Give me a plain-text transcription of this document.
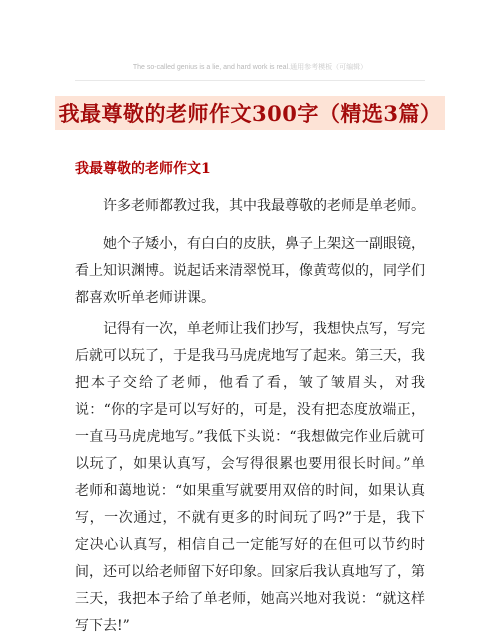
The so-called genius is a lie, and hard work is real.通用参考模板（可编辑）
我最尊敬的老师作文300字（精选3篇）
我最尊敬的老师作文1

许多老师都教过我，其中我最尊敬的老师是单老师。

她个子矮小，有白白的皮肤，鼻子上架这一副眼镜，看上知识渊博。说起话来清翠悦耳，像黄莺似的，同学们都喜欢听单老师讲课。

记得有一次，单老师让我们抄写，我想快点写，写完后就可以玩了，于是我马马虎虎地写了起来。第三天，我把本子交给了老师，他看了看，皱了皱眉头，对我说：“你的字是可以写好的，可是，没有把态度放端正，一直马马虎虎地写。”我低下头说：“我想做完作业后就可以玩了，如果认真写，会写得很累也要用很长时间。”单老师和蔼地说：“如果重写就要用双倍的时间，如果认真写，一次通过，不就有更多的时间玩了吗?”于是，我下定决心认真写，相信自己一定能写好的在但可以节约时间，还可以给老师留下好印象。回家后我认真地写了，第三天，我把本子给了单老师，她高兴地对我说：“就这样写下去!”
